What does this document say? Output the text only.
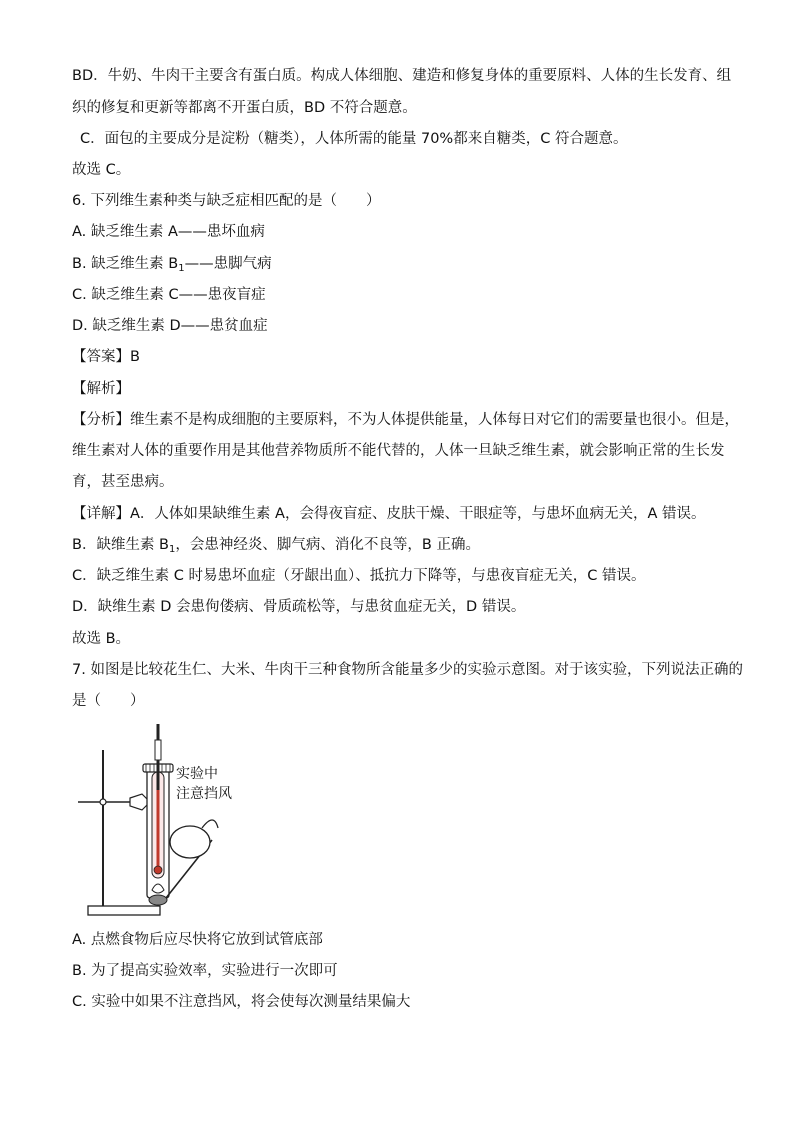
BD．牛奶、牛肉干主要含有蛋白质。构成人体细胞、建造和修复身体的重要原料、人体的生长发育、组
织的修复和更新等都离不开蛋白质，BD 不符合题意。
C．面包的主要成分是淀粉（糖类），人体所需的能量 70%都来自糖类，C 符合题意。
故选 C。
6. 下列维生素种类与缺乏症相匹配的是（　　）
A. 缺乏维生素 A——患坏血病
B. 缺乏维生素 $B_1——$患脚气病
C. 缺乏维生素 C——患夜盲症
D. 缺乏维生素 D——患贫血症
【答案】B
【解析】
【分析】维生素不是构成细胞的主要原料，不为人体提供能量，人体每日对它们的需要量也很小。但是，
维生素对人体的重要作用是其他营养物质所不能代替的，人体一旦缺乏维生素，就会影响正常的生长发
育，甚至患病。
【详解】A．人体如果缺维生素 A，会得夜盲症、皮肤干燥、干眼症等，与患坏血病无关，A 错误。
B．缺维生素 $B_1$，会患神经炎、脚气病、消化不良等，B 正确。
C．缺乏维生素 C 时易患坏血症（牙龈出血）、抵抗力下降等，与患夜盲症无关，C 错误。
D．缺维生素 D 会患佝偻病、骨质疏松等，与患贫血症无关，D 错误。
故选 B。
7. 如图是比较花生仁、大米、牛肉干三种食物所含能量多少的实验示意图。对于该实验，下列说法正确的
是（　　）
实验中
注意挡风
A. 点燃食物后应尽快将它放到试管底部
B. 为了提高实验效率，实验进行一次即可
C. 实验中如果不注意挡风，将会使每次测量结果偏大
